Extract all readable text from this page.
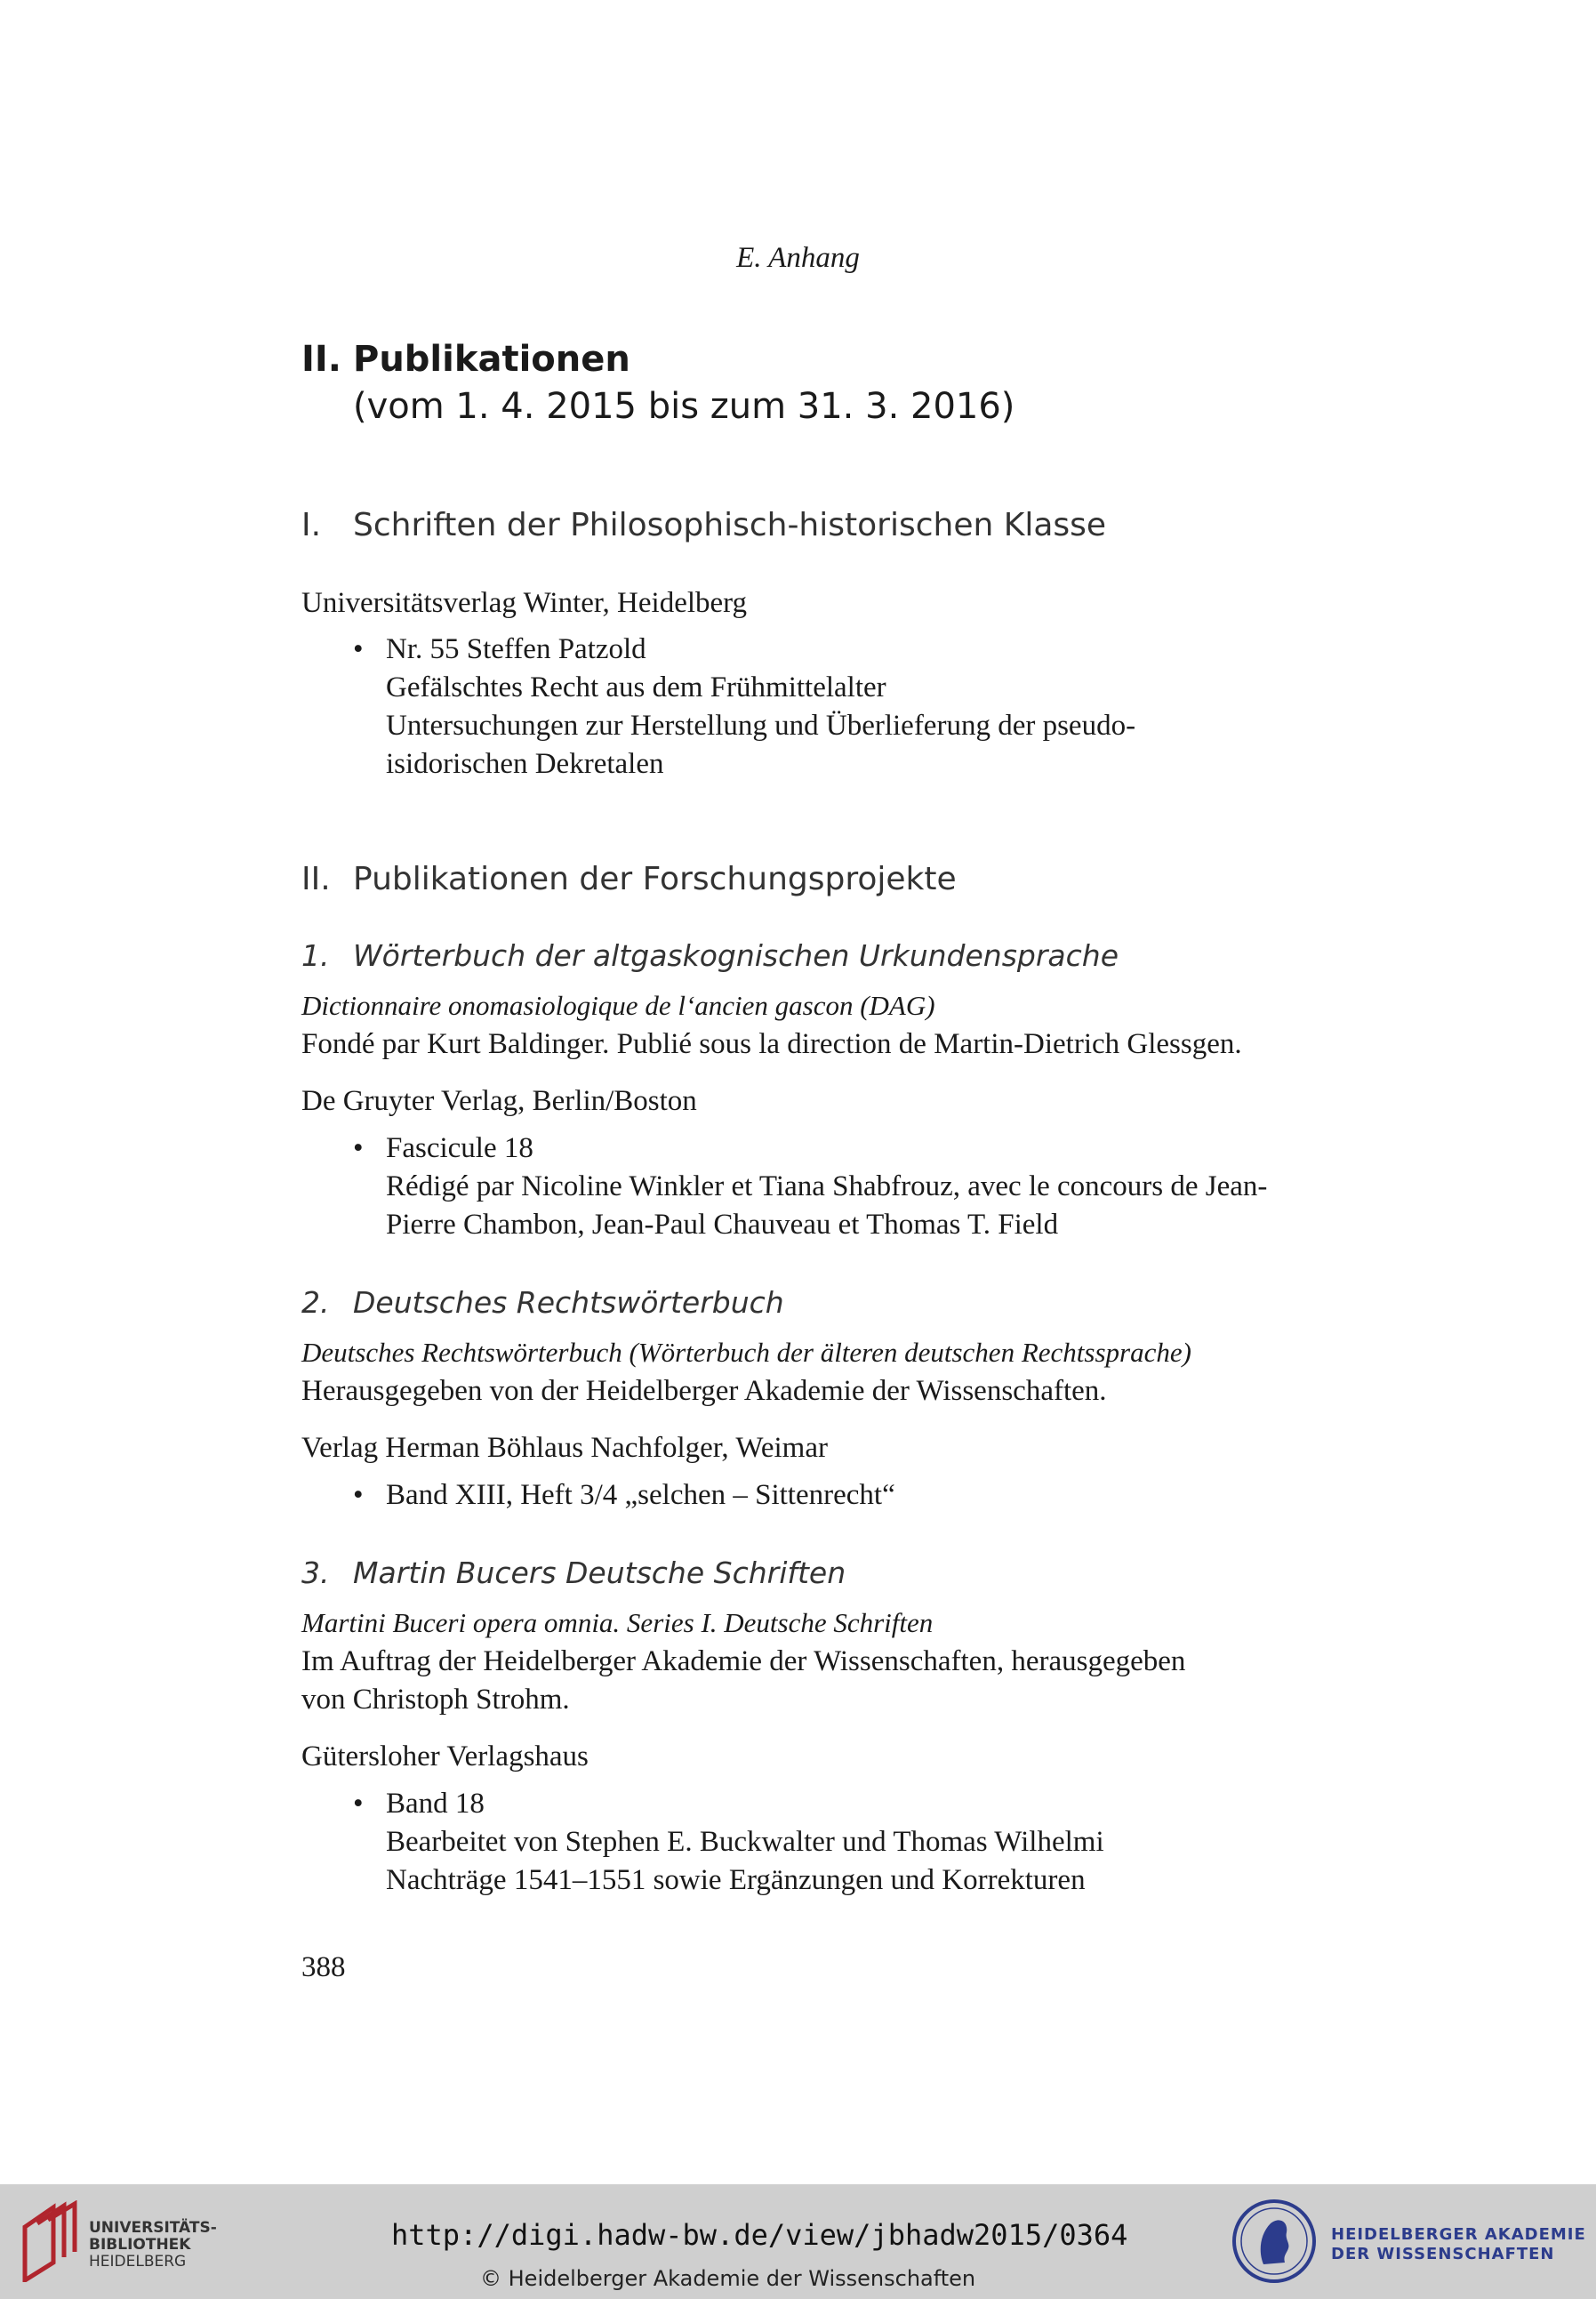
E. Anhang
II. Publikationen
(vom 1. 4. 2015 bis zum 31. 3. 2016)
I. Schriften der Philosophisch-historischen Klasse
Universitätsverlag Winter, Heidelberg
• Nr. 55 Steffen Patzold
Gefälschtes Recht aus dem Frühmittelalter
Untersuchungen zur Herstellung und Überlieferung der pseudo-
isidorischen Dekretalen
II. Publikationen der Forschungsprojekte
1. Wörterbuch der altgaskognischen Urkundensprache
Dictionnaire onomasiologique de l‘ancien gascon (DAG)
Fondé par Kurt Baldinger. Publié sous la direction de Martin-Dietrich Glessgen.
De Gruyter Verlag, Berlin/Boston
• Fascicule 18
Rédigé par Nicoline Winkler et Tiana Shabfrouz, avec le concours de Jean-
Pierre Chambon, Jean-Paul Chauveau et Thomas T. Field
2. Deutsches Rechtswörterbuch
Deutsches Rechtswörterbuch (Wörterbuch der älteren deutschen Rechtssprache)
Herausgegeben von der Heidelberger Akademie der Wissenschaften.
Verlag Herman Böhlaus Nachfolger, Weimar
• Band XIII, Heft 3/4 „selchen – Sittenrecht“
3. Martin Bucers Deutsche Schriften
Martini Buceri opera omnia. Series I. Deutsche Schriften
Im Auftrag der Heidelberger Akademie der Wissenschaften, herausgegeben
von Christoph Strohm.
Gütersloher Verlagshaus
• Band 18
Bearbeitet von Stephen E. Buckwalter und Thomas Wilhelmi
Nachträge 1541–1551 sowie Ergänzungen und Korrekturen
388
UNIVERSITÄTS-
BIBLIOTHEK
HEIDELBERG
http://digi.hadw-bw.de/view/jbhadw2015/0364
© Heidelberger Akademie der Wissenschaften
HEIDELBERGER AKADEMIE
DER WISSENSCHAFTEN
